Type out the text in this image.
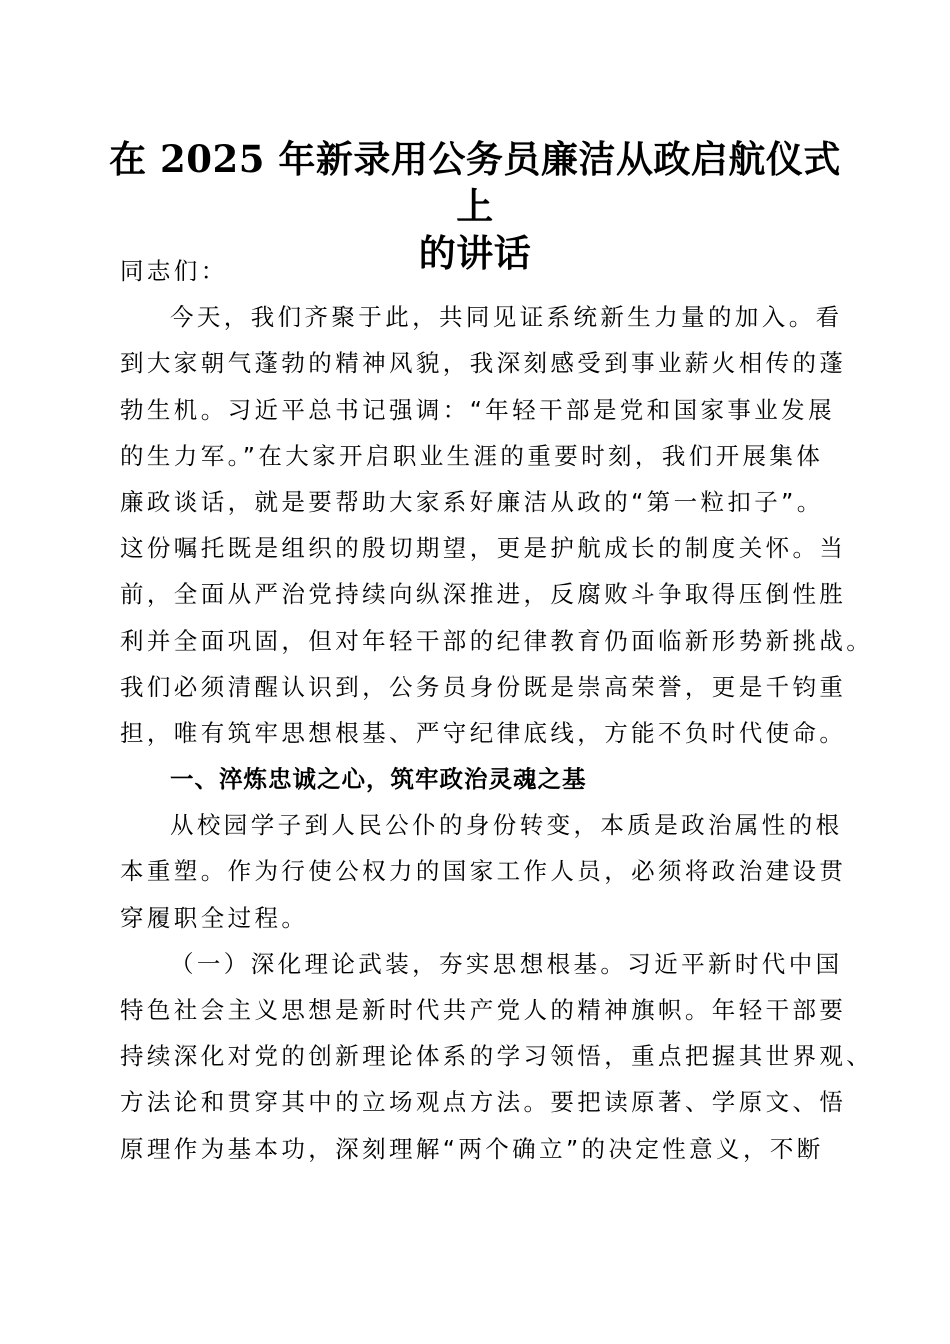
在 2025 年新录用公务员廉洁从政启航仪式上
的讲话
同志们：
今天，我们齐聚于此，共同见证系统新生力量的加入。看
到大家朝气蓬勃的精神风貌，我深刻感受到事业薪火相传的蓬
勃生机。习近平总书记强调：“年轻干部是党和国家事业发展
的生力军。”在大家开启职业生涯的重要时刻，我们开展集体
廉政谈话，就是要帮助大家系好廉洁从政的“第一粒扣子”。
这份嘱托既是组织的殷切期望，更是护航成长的制度关怀。当
前，全面从严治党持续向纵深推进，反腐败斗争取得压倒性胜
利并全面巩固，但对年轻干部的纪律教育仍面临新形势新挑战。
我们必须清醒认识到，公务员身份既是崇高荣誉，更是千钧重
担，唯有筑牢思想根基、严守纪律底线，方能不负时代使命。
一、淬炼忠诚之心，筑牢政治灵魂之基
从校园学子到人民公仆的身份转变，本质是政治属性的根
本重塑。作为行使公权力的国家工作人员，必须将政治建设贯
穿履职全过程。
（一）深化理论武装，夯实思想根基。习近平新时代中国
特色社会主义思想是新时代共产党人的精神旗帜。年轻干部要
持续深化对党的创新理论体系的学习领悟，重点把握其世界观、
方法论和贯穿其中的立场观点方法。要把读原著、学原文、悟
原理作为基本功，深刻理解“两个确立”的决定性意义，不断
